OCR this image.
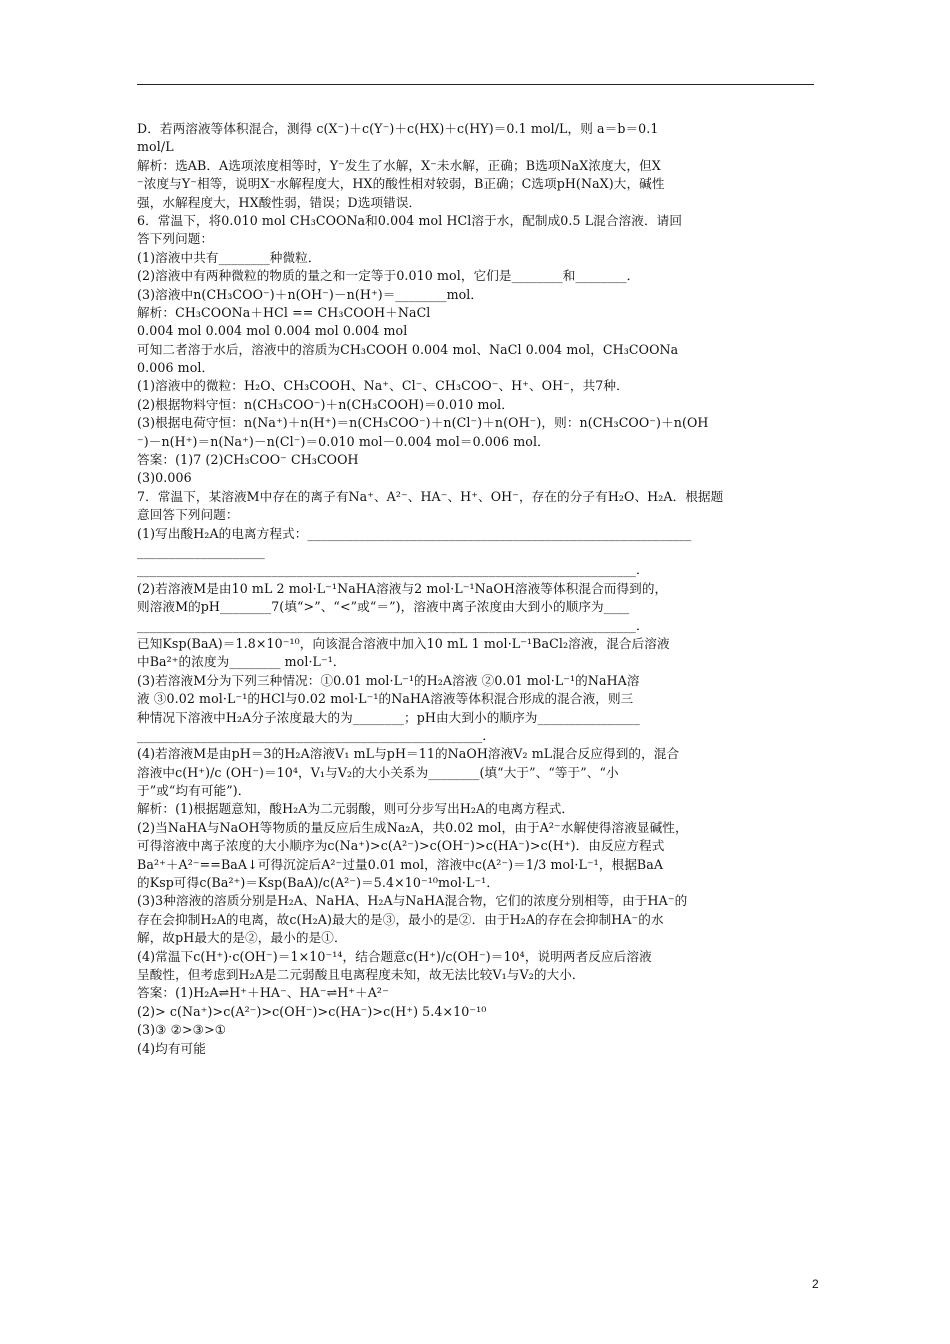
D．若两溶液等体积混合，测得 c(X⁻)＋c(Y⁻)＋c(HX)＋c(HY)＝0.1 mol/L，则 a＝b＝0.1
mol/L
解析：选AB．A选项浓度相等时，Y⁻发生了水解，X⁻未水解，正确；B选项NaX浓度大，但X
⁻浓度与Y⁻相等，说明X⁻水解程度大，HX的酸性相对较弱，B正确；C选项pH(NaX)大，碱性
强，水解程度大，HX酸性弱，错误；D选项错误．
6．常温下，将0.010 mol CH₃COONa和0.004 mol HCl溶于水，配制成0.5 L混合溶液．请回
答下列问题：
(1)溶液中共有________种微粒．
(2)溶液中有两种微粒的物质的量之和一定等于0.010 mol，它们是________和________．
(3)溶液中n(CH₃COO⁻)＋n(OH⁻)－n(H⁺)＝________mol．
解析：CH₃COONa＋HCl == CH₃COOH＋NaCl
0.004 mol 0.004 mol 0.004 mol 0.004 mol
可知二者溶于水后，溶液中的溶质为CH₃COOH 0.004 mol、NaCl 0.004 mol，CH₃COONa
0.006 mol．
(1)溶液中的微粒：H₂O、CH₃COOH、Na⁺、Cl⁻、CH₃COO⁻、H⁺、OH⁻，共7种．
(2)根据物料守恒：n(CH₃COO⁻)＋n(CH₃COOH)＝0.010 mol．
(3)根据电荷守恒：n(Na⁺)＋n(H⁺)＝n(CH₃COO⁻)＋n(Cl⁻)＋n(OH⁻)，则：n(CH₃COO⁻)＋n(OH
⁻)－n(H⁺)＝n(Na⁺)－n(Cl⁻)＝0.010 mol－0.004 mol＝0.006 mol．
答案：(1)7 (2)CH₃COO⁻ CH₃COOH
(3)0.006
7．常温下，某溶液M中存在的离子有Na⁺、A²⁻、HA⁻、H⁺、OH⁻，存在的分子有H₂O、H₂A．根据题
意回答下列问题：
(1)写出酸H₂A的电离方程式：____________________________________________________________
____________________
______________________________________________________________________________．
(2)若溶液M是由10 mL 2 mol·L⁻¹NaHA溶液与2 mol·L⁻¹NaOH溶液等体积混合而得到的，
则溶液M的pH________7(填“>”、“<”或“＝”)，溶液中离子浓度由大到小的顺序为____
______________________________________________________________________________．
已知Ksp(BaA)＝1.8×10⁻¹⁰，向该混合溶液中加入10 mL 1 mol·L⁻¹BaCl₂溶液，混合后溶液
中Ba²⁺的浓度为________ mol·L⁻¹．
(3)若溶液M分为下列三种情况：①0.01 mol·L⁻¹的H₂A溶液 ②0.01 mol·L⁻¹的NaHA溶
液 ③0.02 mol·L⁻¹的HCl与0.02 mol·L⁻¹的NaHA溶液等体积混合形成的混合液，则三
种情况下溶液中H₂A分子浓度最大的为________；pH由大到小的顺序为________________
______________________________________________________．
(4)若溶液M是由pH＝3的H₂A溶液V₁ mL与pH＝11的NaOH溶液V₂ mL混合反应得到的，混合
溶液中c(H⁺)/c (OH⁻)＝10⁴，V₁与V₂的大小关系为________(填“大于”、“等于”、“小
于”或“均有可能”)．
解析：(1)根据题意知，酸H₂A为二元弱酸，则可分步写出H₂A的电离方程式．
(2)当NaHA与NaOH等物质的量反应后生成Na₂A，共0.02 mol，由于A²⁻水解使得溶液显碱性，
可得溶液中离子浓度的大小顺序为c(Na⁺)>c(A²⁻)>c(OH⁻)>c(HA⁻)>c(H⁺)．由反应方程式
Ba²⁺＋A²⁻==BaA↓可得沉淀后A²⁻过量0.01 mol，溶液中c(A²⁻)＝1/3 mol·L⁻¹，根据BaA
的Ksp可得c(Ba²⁺)＝Ksp(BaA)/c(A²⁻)＝5.4×10⁻¹⁰mol·L⁻¹．
(3)3种溶液的溶质分别是H₂A、NaHA、H₂A与NaHA混合物，它们的浓度分别相等，由于HA⁻的
存在会抑制H₂A的电离，故c(H₂A)最大的是③，最小的是②．由于H₂A的存在会抑制HA⁻的水
解，故pH最大的是②，最小的是①．
(4)常温下c(H⁺)·c(OH⁻)＝1×10⁻¹⁴，结合题意c(H⁺)/c(OH⁻)＝10⁴，说明两者反应后溶液
呈酸性，但考虑到H₂A是二元弱酸且电离程度未知，故无法比较V₁与V₂的大小．
答案：(1)H₂A⇌H⁺＋HA⁻、HA⁻⇌H⁺＋A²⁻
(2)> c(Na⁺)>c(A²⁻)>c(OH⁻)>c(HA⁻)>c(H⁺) 5.4×10⁻¹⁰
(3)③ ②>③>①
(4)均有可能
2
